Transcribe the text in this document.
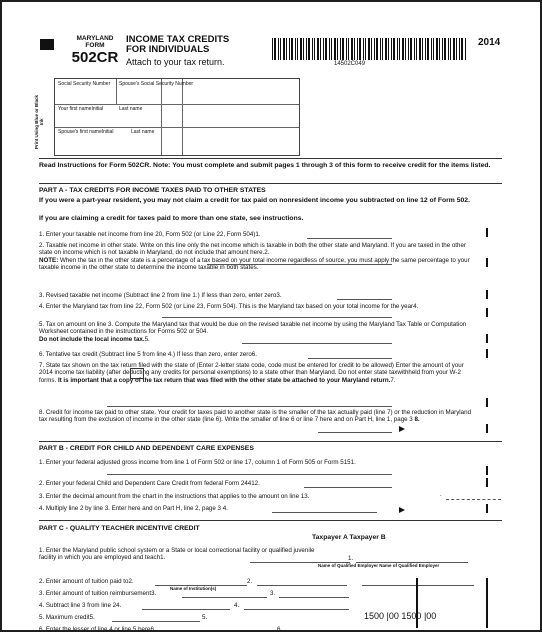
MARYLAND
FORM
502CR
INCOME TAX CREDITS
FOR INDIVIDUALS
Attach to your tax return.	14502C049
2014
Print Using Blue or Black Ink
Social Security Number Spouse's Social Security Number
Your first nameInitial	Last name
Spouse's first nameInitial	Last name
Read Instructions for Form 502CR. Note: You must complete and submit pages 1 through 3 of this form to receive credit for the items listed.
PART A - TAX CREDITS FOR INCOME TAXES PAID TO OTHER STATES
If you were a part-year resident, you may not claim a credit for tax paid on nonresident income you subtracted on line 12 of Form 502.
If you are claiming a credit for taxes paid to more than one state, see instructions.
1. Enter your taxable net income from line 20, Form 502 (or Line 22, Form 504)1.
2. Taxable net income in other state. Write on this line only the net income which is taxable in both the other state and Maryland. If you are taxed in the other state on income which is not taxable in Maryland, do not include that amount here.2.
NOTE: When the tax in the other state is a percentage of a tax based on your total income regardless of source, you must apply the same percentage to your taxable income in the other state to determine the income taxable in both states.
3. Revised taxable net income (Subtract line 2 from line 1.) If less than zero, enter zero3.
4. Enter the Maryland tax from line 22, Form 502 (or Line 23, Form 504). This is the Maryland tax based on your total income for the year4.
5. Tax on amount on line 3. Compute the Maryland tax that would be due on the revised taxable net income by using the Maryland Tax Table or Computation Worksheet contained in the instructions for Forms 502 or 504.
Do not include the local income tax.5.
6. Tentative tax credit (Subtract line 5 from line 4.) If less than zero, enter zero6.
7. State tax shown on the tax return filed with the state of (Enter 2-letter state code, code must be entered for credit to be allowed) Enter the amount of your 2014 income tax liability (after deducting any credits for personal exemptions) to a state other than Maryland. Do not enter state taxwithheld from your W-2 forms. It is important that a copy of the tax return that was filed with the other state be attached to your Maryland return.7.
8. Credit for income tax paid to other state. Your credit for taxes paid to another state is the smaller of the tax actually paid (line 7) or the reduction in Maryland tax resulting from the exclusion of income in the other state (line 6). Write the smaller of line 6 or line 7 here and on Part H, line 1, page 3 8.
PART B - CREDIT FOR CHILD AND DEPENDENT CARE EXPENSES
1. Enter your federal adjusted gross income from line 1 of Form 502 or line 17, column 1 of Form 505 or Form 5151.
2. Enter your federal Child and Dependent Care Credit from federal Form 24412.
3. Enter the decimal amount from the chart in the instructions that applies to the amount on line 13.	.
4. Multiply line 2 by line 3. Enter here and on Part H, line 2, page 3 4.
PART C - QUALITY TEACHER INCENTIVE CREDIT
Taxpayer A Taxpayer B
1. Enter the Maryland public school system or a State or local correctional facility or qualified juvenile facility in which you are employed and teach1.	1.
Name of Qualified Employer Name of Qualified Employer
2. Enter amount of tuition paid to2.
Name of Institution(s)
2.
3. Enter amount of tuition reimbursement3.	3.
4. Subtract line 3 from line 24.	4.
5. Maximum credit5.	5.	1500 |00 1500 |00
6. Enter the lesser of line 4 or line 5 here6.	6.
